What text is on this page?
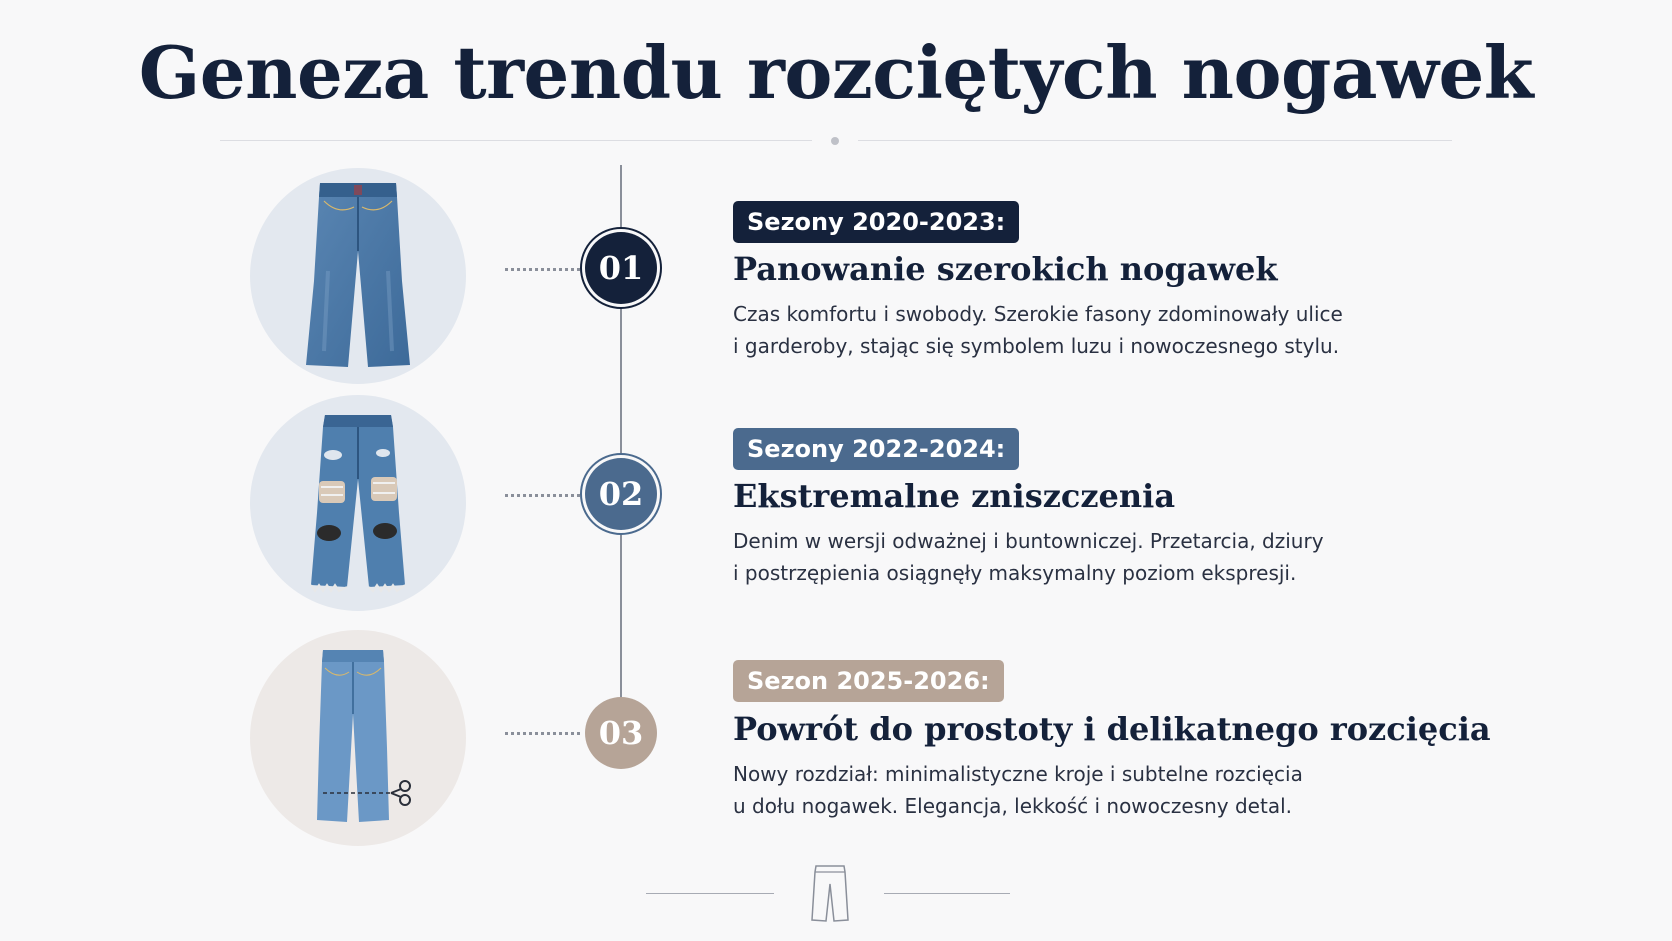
Geneza trendu rozciętych nogawek
01
Sezony 2020-2023:
Panowanie szerokich nogawek
Czas komfortu i swobody. Szerokie fasony zdominowały ulice
i garderoby, stając się symbolem luzu i nowoczesnego stylu.
02
Sezony 2022-2024:
Ekstremalne zniszczenia
Denim w wersji odważnej i buntowniczej. Przetarcia, dziury
i postrzępienia osiągnęły maksymalny poziom ekspresji.
03
Sezon 2025-2026:
Powrót do prostoty i delikatnego rozcięcia
Nowy rozdział: minimalistyczne kroje i subtelne rozcięcia
u dołu nogawek. Elegancja, lekkość i nowoczesny detal.
